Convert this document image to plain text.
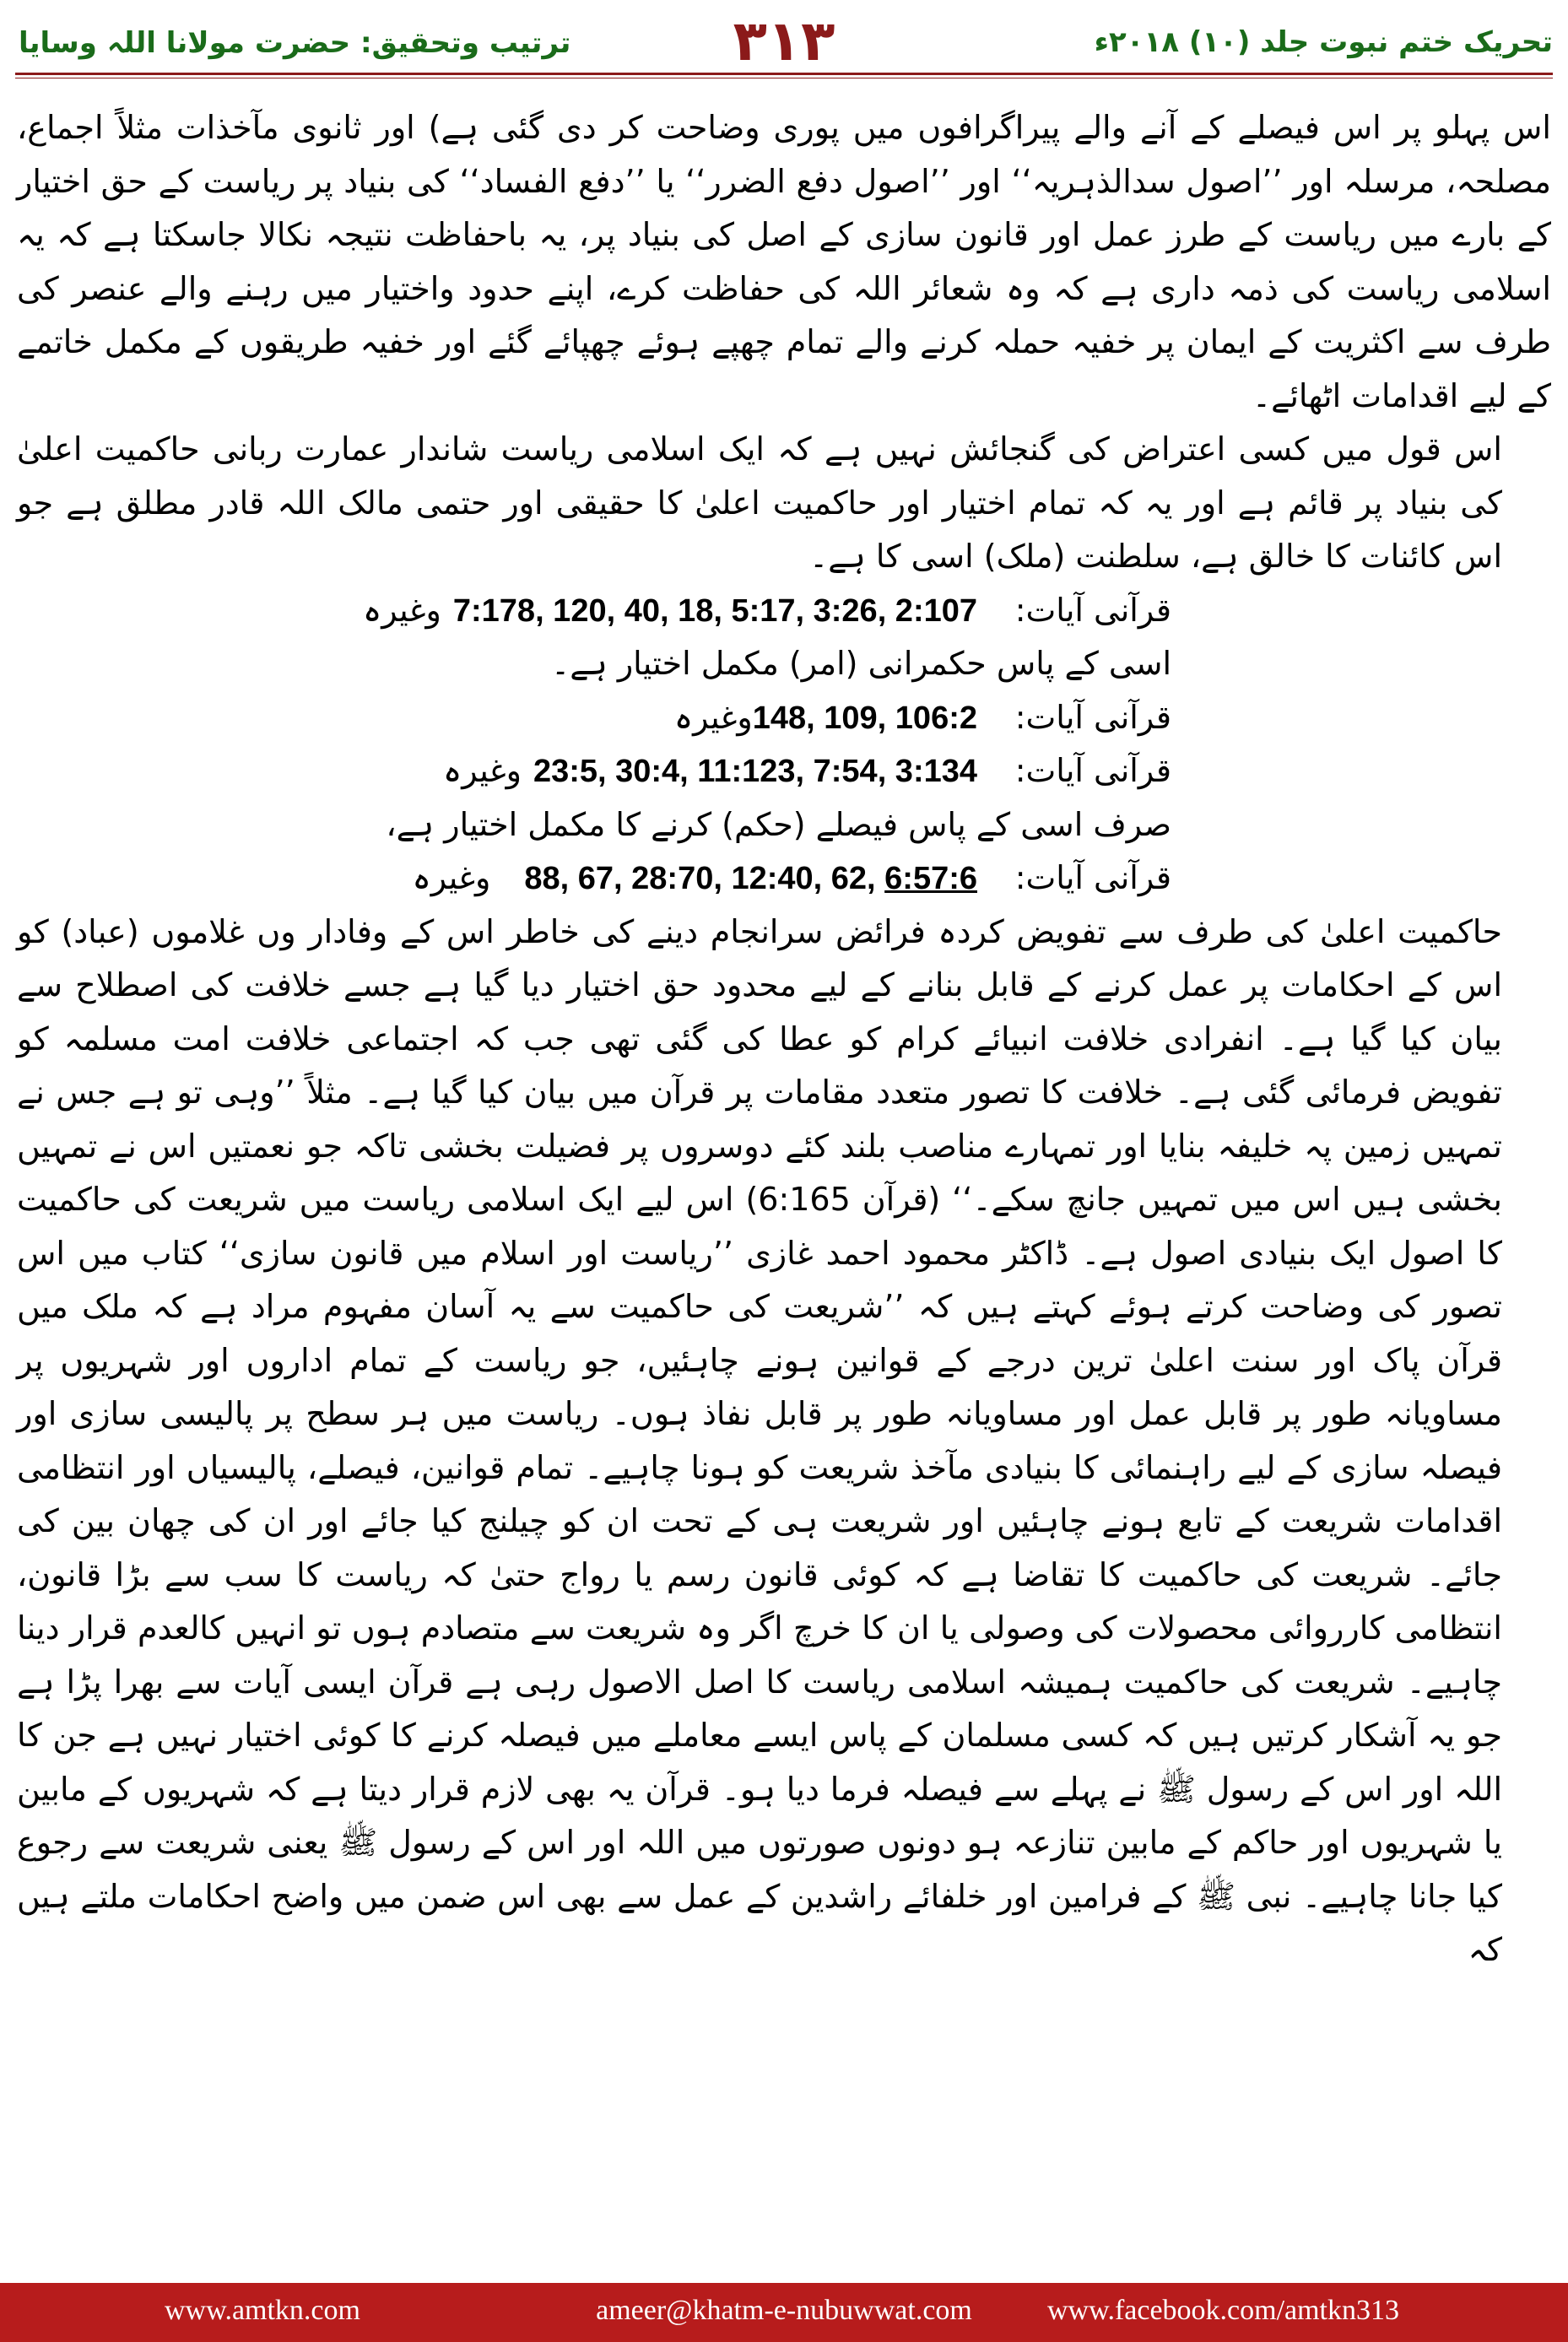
تحریک ختم نبوت جلد (۱۰) ۲۰۱۸ء
۳۱۳
ترتیب وتحقیق: حضرت مولانا اللہ وسایا

اس پہلو پر اس فیصلے کے آنے والے پیراگرافوں میں پوری وضاحت کر دی گئی ہے) اور ثانوی مآخذات مثلاً اجماع، مصلحہ، مرسلہ اور ’’اصول سدالذہریہ‘‘ اور ’’اصول دفع الضرر‘‘ یا ’’دفع الفساد‘‘ کی بنیاد پر ریاست کے حق اختیار کے بارے میں ریاست کے طرز عمل اور قانون سازی کے اصل کی بنیاد پر، یہ باحفاظت نتیجہ نکالا جاسکتا ہے کہ یہ اسلامی ریاست کی ذمہ داری ہے کہ وہ شعائر اللہ کی حفاظت کرے، اپنے حدود واختیار میں رہنے والے عنصر کی طرف سے اکثریت کے ایمان پر خفیہ حملہ کرنے والے تمام چھپے ہوئے چھپائے گئے اور خفیہ طریقوں کے مکمل خاتمے کے لیے اقدامات اٹھائے۔

اس قول میں کسی اعتراض کی گنجائش نہیں ہے کہ ایک اسلامی ریاست شاندار عمارت ربانی حاکمیت اعلیٰ کی بنیاد پر قائم ہے اور یہ کہ تمام اختیار اور حاکمیت اعلیٰ کا حقیقی اور حتمی مالک اللہ قادر مطلق ہے جو اس کائنات کا خالق ہے، سلطنت (ملک) اسی کا ہے۔

قرآنی آیات:
7:178, 120, 40, 18, 5:17, 3:26, 2:107
وغیرہ
اسی کے پاس حکمرانی (امر) مکمل اختیار ہے۔
قرآنی آیات:
148, 109, 106:2
وغیرہ
قرآنی آیات:
23:5, 30:4, 11:123, 7:54, 3:134
وغیرہ
صرف اسی کے پاس فیصلے (حکم) کرنے کا مکمل اختیار ہے،
قرآنی آیات:
88, 67, 28:70, 12:40, 62, 6:57:6
وغیرہ

حاکمیت اعلیٰ کی طرف سے تفویض کردہ فرائض سرانجام دینے کی خاطر اس کے وفادار وں غلاموں (عباد) کو اس کے احکامات پر عمل کرنے کے قابل بنانے کے لیے محدود حق اختیار دیا گیا ہے جسے خلافت کی اصطلاح سے بیان کیا گیا ہے۔ انفرادی خلافت انبیائے کرام کو عطا کی گئی تھی جب کہ اجتماعی خلافت امت مسلمہ کو تفویض فرمائی گئی ہے۔ خلافت کا تصور متعدد مقامات پر قرآن میں بیان کیا گیا ہے۔ مثلاً ’’وہی تو ہے جس نے تمہیں زمین پہ خلیفہ بنایا اور تمہارے مناصب بلند کئے دوسروں پر فضیلت بخشی تاکہ جو نعمتیں اس نے تمہیں بخشی ہیں اس میں تمہیں جانچ سکے۔‘‘ (قرآن 6:165) اس لیے ایک اسلامی ریاست میں شریعت کی حاکمیت کا اصول ایک بنیادی اصول ہے۔ ڈاکٹر محمود احمد غازی ’’ریاست اور اسلام میں قانون سازی‘‘ کتاب میں اس تصور کی وضاحت کرتے ہوئے کہتے ہیں کہ ’’شریعت کی حاکمیت سے یہ آسان مفہوم مراد ہے کہ ملک میں قرآن پاک اور سنت اعلیٰ ترین درجے کے قوانین ہونے چاہئیں، جو ریاست کے تمام اداروں اور شہریوں پر مساویانہ طور پر قابل عمل اور مساویانہ طور پر قابل نفاذ ہوں۔ ریاست میں ہر سطح پر پالیسی سازی اور فیصلہ سازی کے لیے راہنمائی کا بنیادی مآخذ شریعت کو ہونا چاہیے۔ تمام قوانین، فیصلے، پالیسیاں اور انتظامی اقدامات شریعت کے تابع ہونے چاہئیں اور شریعت ہی کے تحت ان کو چیلنج کیا جائے اور ان کی چھان بین کی جائے۔ شریعت کی حاکمیت کا تقاضا ہے کہ کوئی قانون رسم یا رواج حتیٰ کہ ریاست کا سب سے بڑا قانون، انتظامی کارروائی محصولات کی وصولی یا ان کا خرچ اگر وہ شریعت سے متصادم ہوں تو انہیں کالعدم قرار دینا چاہیے۔ شریعت کی حاکمیت ہمیشہ اسلامی ریاست کا اصل الاصول رہی ہے قرآن ایسی آیات سے بھرا پڑا ہے جو یہ آشکار کرتیں ہیں کہ کسی مسلمان کے پاس ایسے معاملے میں فیصلہ کرنے کا کوئی اختیار نہیں ہے جن کا اللہ اور اس کے رسول ﷺ نے پہلے سے فیصلہ فرما دیا ہو۔ قرآن یہ بھی لازم قرار دیتا ہے کہ شہریوں کے مابین یا شہریوں اور حاکم کے مابین تنازعہ ہو دونوں صورتوں میں اللہ اور اس کے رسول ﷺ یعنی شریعت سے رجوع کیا جانا چاہیے۔ نبی ﷺ کے فرامین اور خلفائے راشدین کے عمل سے بھی اس ضمن میں واضح احکامات ملتے ہیں کہ

www.amtkn.com	ameer@khatm-e-nubuwwat.com	www.facebook.com/amtkn313
